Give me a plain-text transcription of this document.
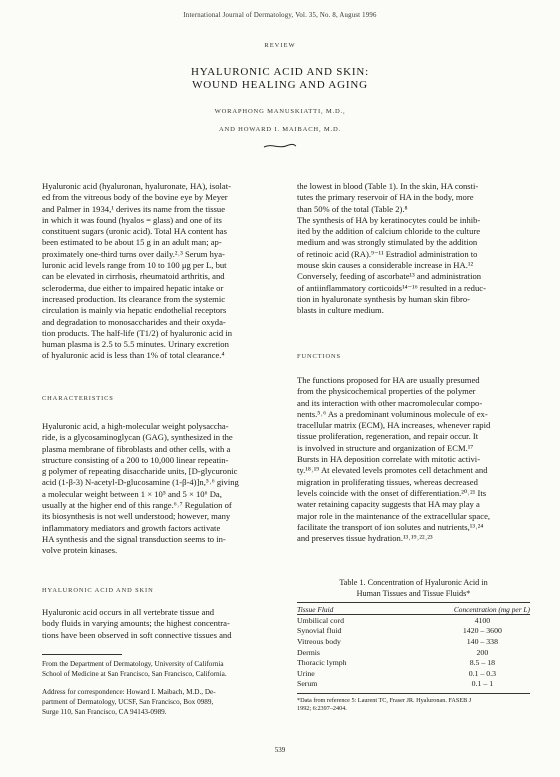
International Journal of Dermatology, Vol. 35, No. 8, August 1996
REVIEW
HYALURONIC ACID AND SKIN:
WOUND HEALING AND AGING
WORAPHONG MANUSKIATTI, M.D.,
AND HOWARD I. MAIBACH, M.D.

Hyaluronic acid (hyaluronan, hyaluronate, HA), isolat-

ed from the vitreous body of the bovine eye by Meyer

and Palmer in 1934,¹ derives its name from the tissue

in which it was found (hyalos = glass) and one of its

constituent sugars (uronic acid). Total HA content has

been estimated to be about 15 g in an adult man; ap-

proximately one-third turns over daily.²˒³ Serum hya-

luronic acid levels range from 10 to 100 μg per L, but

can be elevated in cirrhosis, rheumatoid arthritis, and

scleroderma, due either to impaired hepatic intake or

increased production. Its clearance from the systemic

circulation is mainly via hepatic endothelial receptors

and degradation to monosaccharides and their oxyda-

tion products. The half-life (T1/2) of hyaluronic acid in

human plasma is 2.5 to 5.5 minutes. Urinary excretion

of hyaluronic acid is less than 1% of total clearance.⁴

CHARACTERISTICS

Hyaluronic acid, a high-molecular weight polysaccha-

ride, is a glycosaminoglycan (GAG), synthesized in the

plasma membrane of fibroblasts and other cells, with a

structure consisting of a 200 to 10,000 linear repeatin-

g polymer of repeating disaccharide units, [D-glycuronic

acid (1-β-3) N-acetyl-D-glucosamine (1-β-4)]n,⁵˒⁶ giving

a molecular weight between 1 × 10⁵ and 5 × 10⁶ Da,

usually at the higher end of this range.⁶˒⁷ Regulation of

its biosynthesis is not well understood; however, many

inflammatory mediators and growth factors activate

HA synthesis and the signal transduction seems to in-

volve protein kinases.

HYALURONIC ACID AND SKIN

Hyaluronic acid occurs in all vertebrate tissue and

body fluids in varying amounts; the highest concentra-

tions have been observed in soft connective tissues and

From the Department of Dermatology, University of California
School of Medicine at San Francisco, San Francisco, California.
Address for correspondence: Howard I. Maibach, M.D., De-
partment of Dermatology, UCSF, San Francisco, Box 0989,
Surge 110, San Francisco, CA 94143-0989.

the lowest in blood (Table 1). In the skin, HA consti-

tutes the primary reservoir of HA in the body, more

than 50% of the total (Table 2).⁸

The synthesis of HA by keratinocytes could be inhib-

ited by the addition of calcium chloride to the culture

medium and was strongly stimulated by the addition

of retinoic acid (RA).⁹⁻¹¹ Estradiol administration to

mouse skin causes a considerable increase in HA.¹²

Conversely, feeding of ascorbate¹³ and administration

of antiinflammatory corticoids¹⁴⁻¹⁶ resulted in a reduc-

tion in hyaluronate synthesis by human skin fibro-

blasts in culture medium.

FUNCTIONS

The functions proposed for HA are usually presumed

from the physicochemical properties of the polymer

and its interaction with other macromolecular compo-

nents.⁵˒⁶ As a predominant voluminous molecule of ex-

tracellular matrix (ECM), HA increases, whenever rapid

tissue proliferation, regeneration, and repair occur. It

is involved in structure and organization of ECM.¹⁷

Bursts in HA deposition correlate with mitotic activi-

ty.¹⁸˒¹⁹ At elevated levels promotes cell detachment and

migration in proliferating tissues, whereas decreased

levels coincide with the onset of differentiation.²⁰˒²¹ Its

water retaining capacity suggests that HA may play a

major role in the maintenance of the extracellular space,

facilitate the transport of ion solutes and nutrients,¹³˒²⁴

and preserves tissue hydration.¹³˒¹⁹˒²²˒²³

Table 1. Concentration of Hyaluronic Acid in
Human Tissues and Tissue Fluids*
Tissue Fluid	Concentration (mg per L)
Umbilical cord	4100
Synovial fluid	1420 – 3600
Vitreous body	140 – 338
Dermis	200
Thoracic lymph	8.5 – 18
Urine	0.1 – 0.3
Serum	0.1 – 1
*Data from reference 5: Laurent TC, Fraser JR. Hyaluronan. FASEB J
1992; 6:2397–2404.
539
